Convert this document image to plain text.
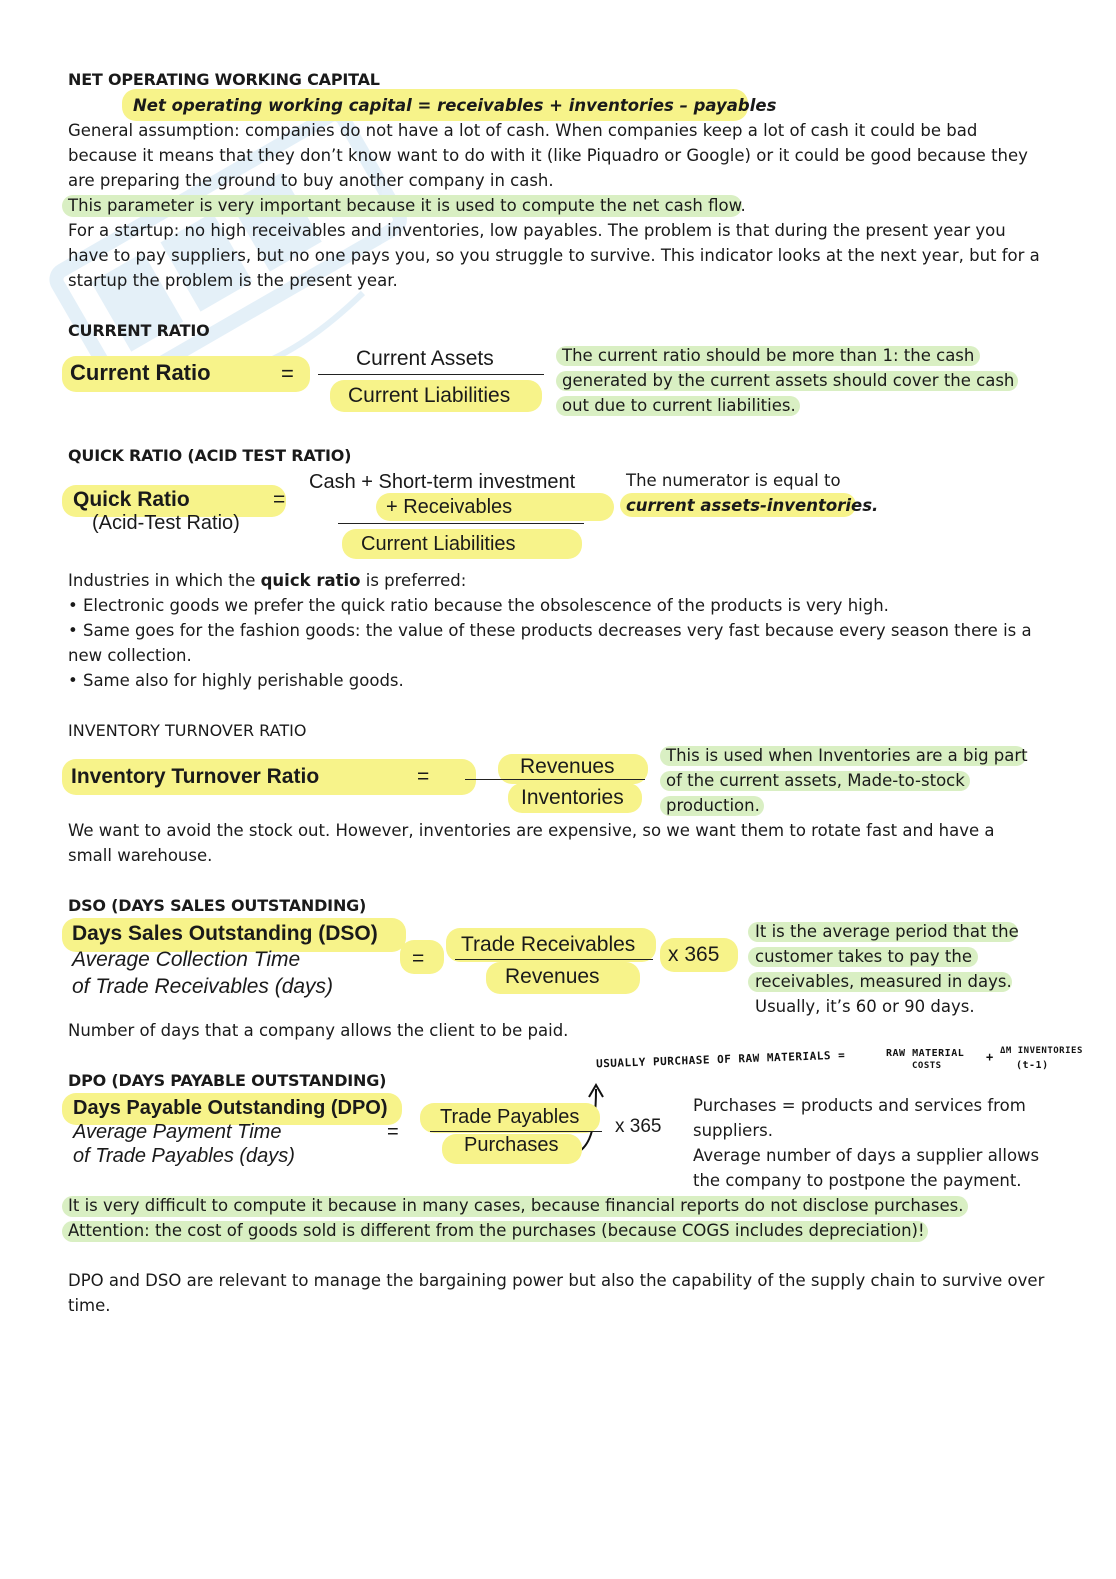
NET OPERATING WORKING CAPITAL
Net operating working capital = receivables + inventories – payables
General assumption: companies do not have a lot of cash. When companies keep a lot of cash it could be bad
because it means that they don’t know want to do with it (like Piquadro or Google) or it could be good because they
are preparing the ground to buy another company in cash.
This parameter is very important because it is used to compute the net cash flow.
For a startup: no high receivables and inventories, low payables. The problem is that during the present year you
have to pay suppliers, but no one pays you, so you struggle to survive. This indicator looks at the next year, but for a
startup the problem is the present year.
CURRENT RATIO
Current Ratio	=
Current Assets
Current Liabilities
The current ratio should be more than 1: the cash
generated by the current assets should cover the cash
out due to current liabilities.
QUICK RATIO (ACID TEST RATIO)
Quick Ratio
(Acid-Test Ratio)
=
Cash + Short-term investment
+ Receivables
Current Liabilities
The numerator is equal to
current assets-inventories.
Industries in which the quick ratio is preferred:
• Electronic goods we prefer the quick ratio because the obsolescence of the products is very high.
• Same goes for the fashion goods: the value of these products decreases very fast because every season there is a
new collection.
• Same also for highly perishable goods.
INVENTORY TURNOVER RATIO
Inventory Turnover Ratio	=	Revenues
Inventories
This is used when Inventories are a big part
of the current assets, Made-to-stock
production.
We want to avoid the stock out. However, inventories are expensive, so we want them to rotate fast and have a
small warehouse.
DSO (DAYS SALES OUTSTANDING)
Days Sales Outstanding (DSO)
Average Collection Time
of Trade Receivables (days)
=
Trade Receivables
Revenues
x 365
It is the average period that the
customer takes to pay the
receivables, measured in days.
Usually, it’s 60 or 90 days.
Number of days that a company allows the client to be paid.
USUALLY PURCHASE OF RAW MATERIALS =	RAW MATERIAL
COSTS
+ ΔM INVENTORIES
(t-1)
DPO (DAYS PAYABLE OUTSTANDING)
Days Payable Outstanding (DPO)
Average Payment Time
of Trade Payables (days)
=
Trade Payables
Purchases
x 365
Purchases = products and services from
suppliers.
Average number of days a supplier allows
the company to postpone the payment.
It is very difficult to compute it because in many cases, because financial reports do not disclose purchases.
Attention: the cost of goods sold is different from the purchases (because COGS includes depreciation)!
DPO and DSO are relevant to manage the bargaining power but also the capability of the supply chain to survive over
time.
